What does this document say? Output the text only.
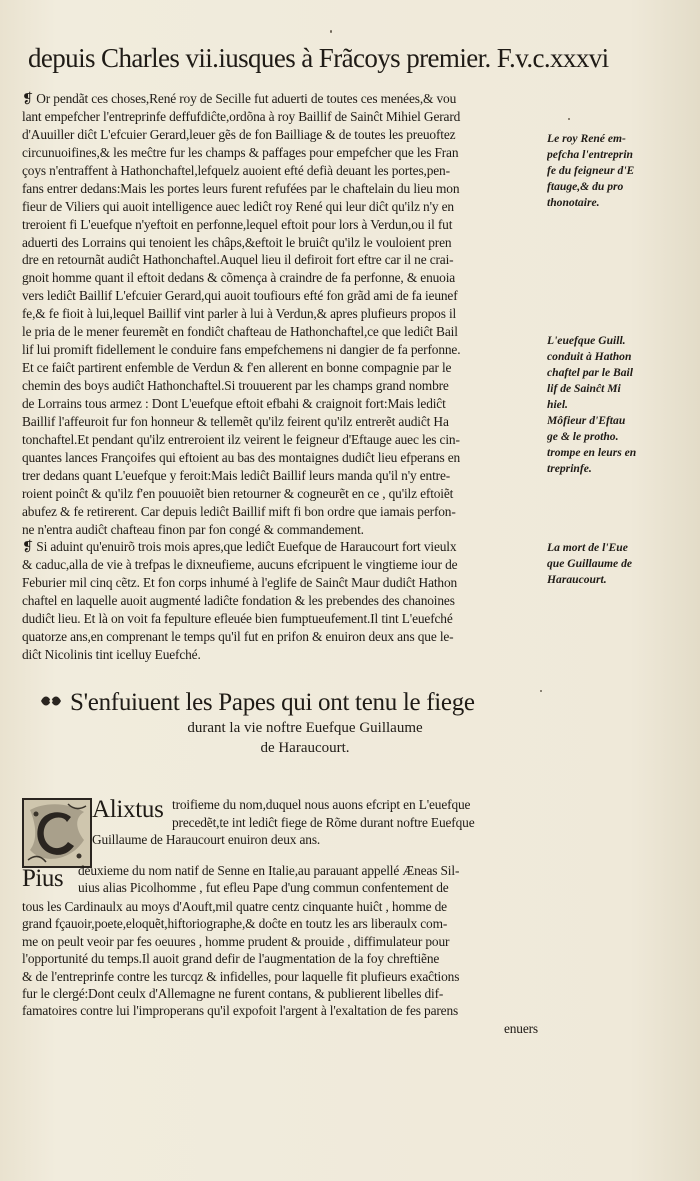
depuis Charles vii.iusques à Frãcoys premier. F.v.c.xxxvi
❡ Or pendãt ces choses,René roy de Secille fut aduerti de toutes ces menées,& vou
lant empefcher l'entreprinfe deffufdiĉte,ordõna à roy Baillif de Sainĉt Mihiel Gerard
d'Auuiller diĉt L'efcuier Gerard,leuer gẽs de fon Bailliage & de toutes les preuoftez
circunuoifines,& les meĉtre fur les champs & paffages pour empefcher que les Fran
çoys n'entraffent à Hathonchaftel,lefquelz auoient efté defià deuant les portes,pen-
fans entrer dedans:Mais les portes leurs furent refufées par le chaftelain du lieu mon
fieur de Viliers qui auoit intelligence auec lediĉt roy René qui leur diĉt qu'ilz n'y en
treroient fi L'euefque n'yeftoit en perfonne,lequel eftoit pour lors à Verdun,ou il fut
aduerti des Lorrains qui tenoient les châps,&eftoit le bruiĉt qu'ilz le vouloient pren
dre en retournãt audiĉt Hathonchaftel.Auquel lieu il defiroit fort eftre car il ne crai-
gnoit homme quant il eftoit dedans & cõmença à craindre de fa perfonne, & enuoia
vers lediĉt Baillif L'efcuier Gerard,qui auoit toufiours efté fon grãd ami de fa ieunef
fe,& fe fioit à lui,lequel Baillif vint parler à lui à Verdun,& apres plufieurs propos il
le pria de le mener feuremẽt en fondiĉt chafteau de Hathonchaftel,ce que lediĉt Bail
lif lui promift fidellement le conduire fans empefchemens ni dangier de fa perfonne.
Et ce faiĉt partirent enfemble de Verdun & f'en allerent en bonne compagnie par le
chemin des boys audiĉt Hathonchaftel.Si trouuerent par les champs grand nombre
de Lorrains tous armez : Dont L'euefque eftoit efbahi & craignoit fort:Mais lediĉt
Baillif l'affeuroit fur fon honneur & tellemẽt qu'ilz feirent qu'ilz entrerẽt audiĉt Ha
tonchaftel.Et pendant qu'ilz entreroient ilz veirent le feigneur d'Eftauge auec les cin-
quantes lances Françoifes qui eftoient au bas des montaignes dudiĉt lieu efperans en
trer dedans quant L'euefque y feroit:Mais lediĉt Baillif leurs manda qu'il n'y entre-
roient poinĉt & qu'ilz f'en pouuoiẽt bien retourner & cogneurẽt en ce , qu'ilz eftoiẽt
abufez & fe retirerent. Car depuis lediĉt Baillif mift fi bon ordre que iamais perfon-
ne n'entra audiĉt chafteau finon par fon congé & commandement.
Le roy René em-
pefcha l'entreprin
fe du feigneur d'E
ftauge,& du pro
thonotaire.
L'euefque Guill.
conduit à Hathon
chaftel par le Bail
lif de Sainĉt Mi
hiel.
Môfieur d'Eftau
ge & le protho.
trompe en leurs en
treprinfe.
❡ Si aduint qu'enuirõ trois mois apres,que lediĉt Euefque de Haraucourt fort vieulx
& caduc,alla de vie à trefpas le dixneufieme, aucuns efcripuent le vingtieme iour de
Feburier mil cinq cẽtz. Et fon corps inhumé à l'eglife de Sainĉt Maur dudiĉt Hathon
chaftel en laquelle auoit augmenté ladiĉte fondation & les prebendes des chanoines
dudiĉt lieu. Et là on voit fa fepulture efleuée bien fumptueufement.Il tint L'euefché
quatorze ans,en comprenant le temps qu'il fut en prifon & enuiron deux ans que le-
diĉt Nicolinis tint icelluy Euefché.
La mort de l'Eue
que Guillaume de
Haraucourt.
S'enfuiuent les Papes qui ont tenu le fiege
durant la vie noftre Euefque Guillaume
de Haraucourt.
Alixtus troifieme du nom,duquel nous auons efcript en L'euefque
precedẽt,te int lediĉt fiege de Rõme durant noftre Euefque
Guillaume de Haraucourt enuiron deux ans.
Pius deuxieme du nom natif de Senne en Italie,au parauant appellé Æneas Sil-
uius alias Picolhomme , fut efleu Pape d'ung commun confentement de
tous les Cardinaulx au moys d'Aouft,mil quatre centz cinquante huiĉt , homme de
grand fçauoir,poete,eloquẽt,hiftoriographe,& doĉte en toutz les ars liberaulx com-
me on peult veoir par fes oeuures , homme prudent & prouide , diffimulateur pour
l'opportunité du temps.Il auoit grand defir de l'augmentation de la foy chreftiẽne
& de l'entreprinfe contre les turcqz & infidelles, pour laquelle fit plufieurs exaĉtions
fur le clergé:Dont ceulx d'Allemagne ne furent contans, & publierent libelles dif-
famatoires contre lui l'improperans qu'il expofoit l'argent à l'exaltation de fes parens
enuers
